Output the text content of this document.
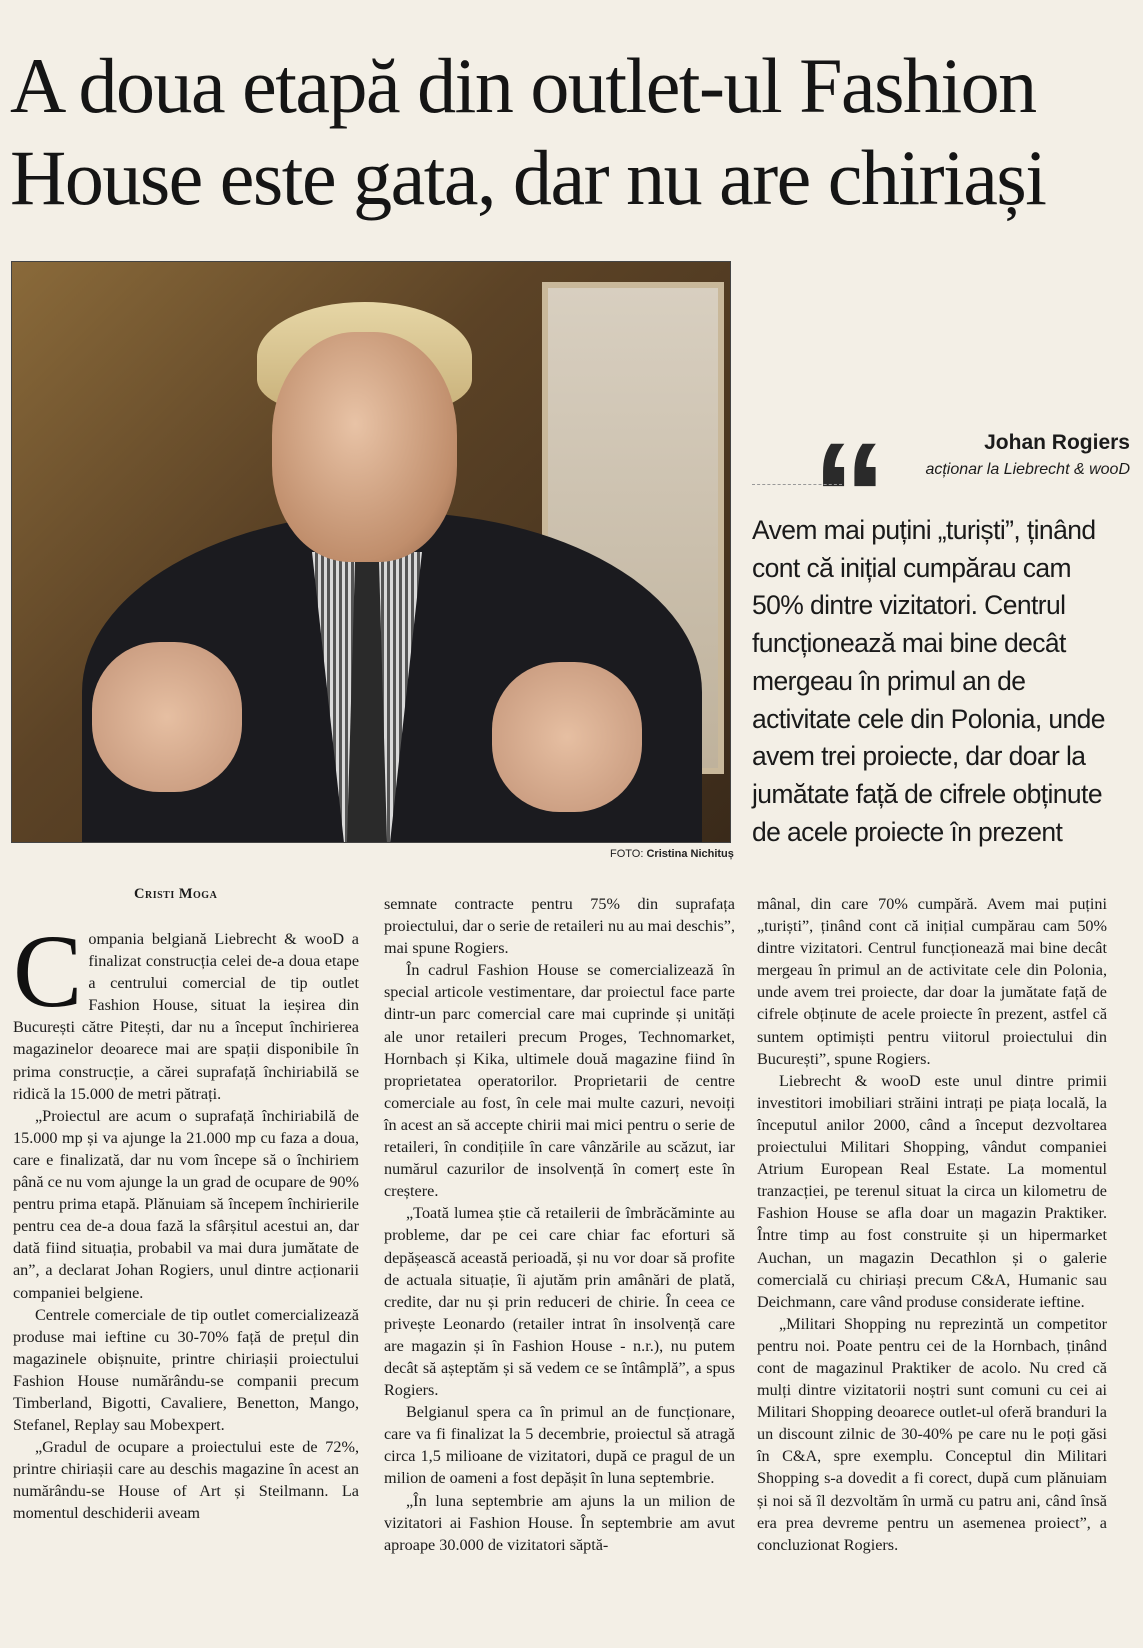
A doua etapă din outlet-ul Fashion
House este gata, dar nu are chiriași
FOTO: Cristina Nichituș
“	Johan Rogiers
acționar la Liebrecht & wooD

Avem mai puțini „turiști”, ținând
cont că inițial cumpărau cam
50% dintre vizitatori. Centrul
funcționează mai bine decât
mergeau în primul an de
activitate cele din Polonia, unde
avem trei proiecte, dar doar la
jumătate față de cifrele obținute
de acele proiecte în prezent

Cristi Moga

Compania belgiană Liebrecht & wooD a finalizat construcția celei de-a doua etape a centrului comercial de tip outlet Fashion House, situat la ieșirea din București către Pitești, dar nu a început închirierea magazinelor deoarece mai are spații disponibile în prima construcție, a cărei suprafață închiriabilă se ridică la 15.000 de metri pătrați.

„Proiectul are acum o suprafață închiriabilă de 15.000 mp și va ajunge la 21.000 mp cu faza a doua, care e finalizată, dar nu vom începe să o închiriem până ce nu vom ajunge la un grad de ocupare de 90% pentru prima etapă. Plănuiam să începem închirierile pentru cea de-a doua fază la sfârșitul acestui an, dar dată fiind situația, probabil va mai dura jumătate de an”, a declarat Johan Rogiers, unul dintre acționarii companiei belgiene.

Centrele comerciale de tip outlet comercializează produse mai ieftine cu 30-70% față de prețul din magazinele obișnuite, printre chiriașii proiectului Fashion House numărându-se companii precum Timberland, Bigotti, Cavaliere, Benetton, Mango, Stefanel, Replay sau Mobexpert.

„Gradul de ocupare a proiectului este de 72%, printre chiriașii care au deschis magazine în acest an numărându-se House of Art și Steilmann. La momentul deschiderii aveam

semnate contracte pentru 75% din suprafața proiectului, dar o serie de retaileri nu au mai deschis”, mai spune Rogiers.

În cadrul Fashion House se comercializează în special articole vestimentare, dar proiectul face parte dintr-un parc comercial care mai cuprinde și unități ale unor retaileri precum Proges, Technomarket, Hornbach și Kika, ultimele două magazine fiind în proprietatea operatorilor. Proprietarii de centre comerciale au fost, în cele mai multe cazuri, nevoiți în acest an să accepte chirii mai mici pentru o serie de retaileri, în condițiile în care vânzările au scăzut, iar numărul cazurilor de insolvență în comerț este în creștere.

„Toată lumea știe că retailerii de îmbrăcăminte au probleme, dar pe cei care chiar fac eforturi să depășească această perioadă, și nu vor doar să profite de actuala situație, îi ajutăm prin amânări de plată, credite, dar nu și prin reduceri de chirie. În ceea ce privește Leonardo (retailer intrat în insolvență care are magazin și în Fashion House - n.r.), nu putem decât să așteptăm și să vedem ce se întâmplă”, a spus Rogiers.

Belgianul spera ca în primul an de funcționare, care va fi finalizat la 5 decembrie, proiectul să atragă circa 1,5 milioane de vizitatori, după ce pragul de un milion de oameni a fost depășit în luna septembrie.

„În luna septembrie am ajuns la un milion de vizitatori ai Fashion House. În septembrie am avut aproape 30.000 de vizitatori săptă-

mânal, din care 70% cumpără. Avem mai puțini „turiști”, ținând cont că inițial cumpărau cam 50% dintre vizitatori. Centrul funcționează mai bine decât mergeau în primul an de activitate cele din Polonia, unde avem trei proiecte, dar doar la jumătate față de cifrele obținute de acele proiecte în prezent, astfel că suntem optimiști pentru viitorul proiectului din București”, spune Rogiers.

Liebrecht & wooD este unul dintre primii investitori imobiliari străini intrați pe piața locală, la începutul anilor 2000, când a început dezvoltarea proiectului Militari Shopping, vândut companiei Atrium European Real Estate. La momentul tranzacției, pe terenul situat la circa un kilometru de Fashion House se afla doar un magazin Praktiker. Între timp au fost construite și un hipermarket Auchan, un magazin Decathlon și o galerie comercială cu chiriași precum C&A, Humanic sau Deichmann, care vând produse considerate ieftine.

„Militari Shopping nu reprezintă un competitor pentru noi. Poate pentru cei de la Hornbach, ținând cont de magazinul Praktiker de acolo. Nu cred că mulți dintre vizitatorii noștri sunt comuni cu cei ai Militari Shopping deoarece outlet-ul oferă branduri la un discount zilnic de 30-40% pe care nu le poți găsi în C&A, spre exemplu. Conceptul din Militari Shopping s-a dovedit a fi corect, după cum plănuiam și noi să îl dezvoltăm în urmă cu patru ani, când însă era prea devreme pentru un asemenea proiect”, a concluzionat Rogiers.
